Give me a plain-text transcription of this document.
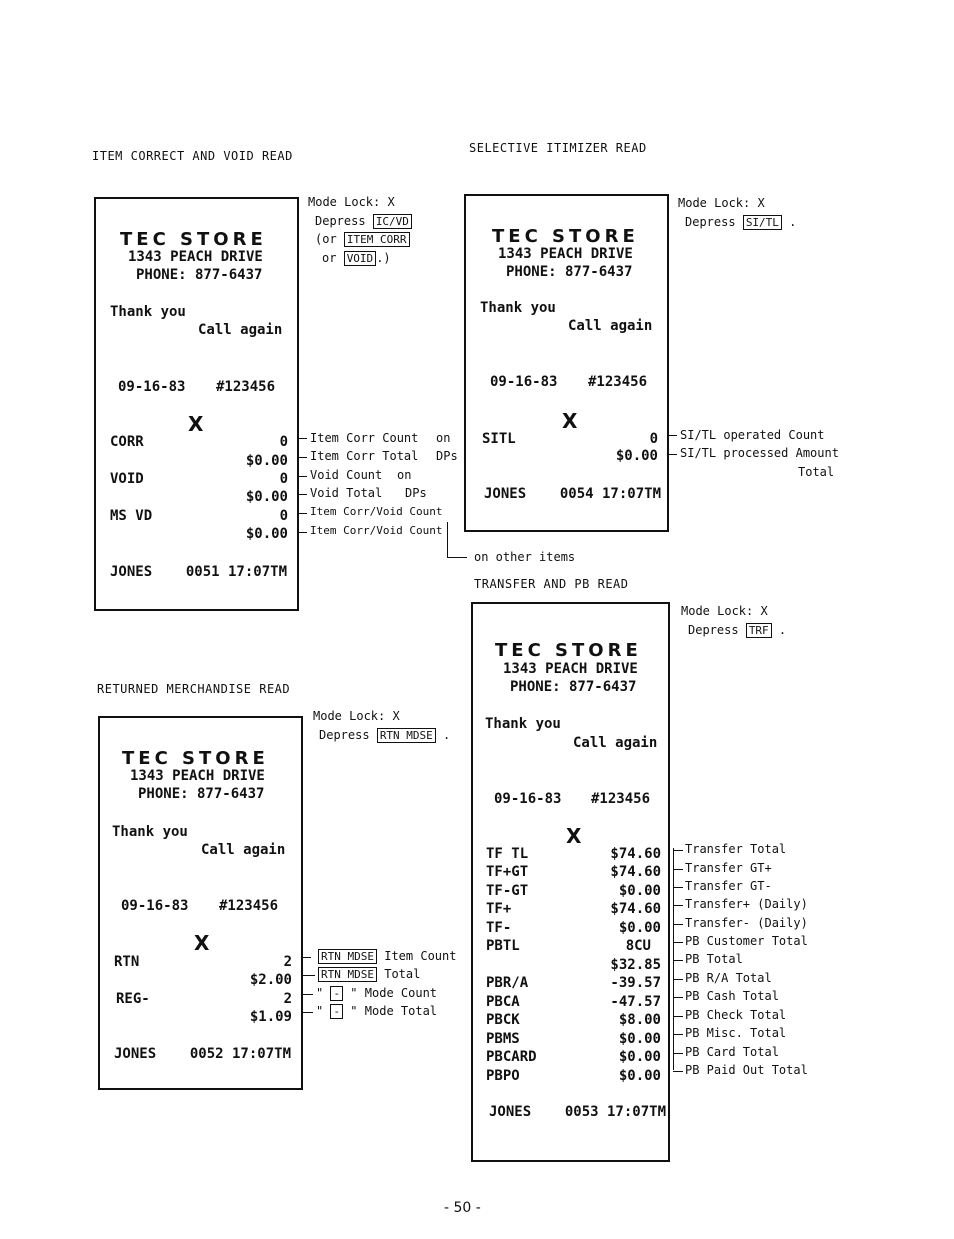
ITEM CORRECT AND VOID READ
SELECTIVE ITIMIZER READ
TRANSFER AND PB READ
RETURNED MERCHANDISE READ
TEC STORE
1343 PEACH DRIVE
PHONE: 877-6437
Thank you
Call again
09-16-83 #123456
X
CORR	0
$0.00
VOID	0
$0.00
MS VD	0
$0.00
JONES    0051 17:07TM
Mode Lock: X
Depress IC/VD
(or ITEM CORR
or VOID .)
Item Corr Count
Item Corr Total
on
DPs
Void Count on
Void Total DPs
Item Corr/Void Count
Item Corr/Void Count
on other items
TEC STORE
1343 PEACH DRIVE
PHONE: 877-6437
Thank you
Call again
09-16-83 #123456
X
SITL	0
$0.00
JONES    0054 17:07TM
Mode Lock: X
Depress SI/TL .
SI/TL operated Count
SI/TL processed Amount
Total
TEC STORE
1343 PEACH DRIVE
PHONE: 877-6437
Thank you
Call again
09-16-83 #123456
X
RTN	2
$2.00
REG-	2
$1.09
JONES    0052 17:07TM
Mode Lock: X
Depress RTN MDSE .
RTN MDSE Item Count
RTN MDSE Total
" - " Mode Count
" - " Mode Total
TEC STORE
1343 PEACH DRIVE
PHONE: 877-6437
Thank you
Call again
09-16-83 #123456
X
TF TL	$74.60
TF+GT	$74.60
TF-GT	$0.00
TF+	$74.60
TF-	$0.00
PBTL	8CU
$32.85
PBR/A	-39.57
PBCA	-47.57
PBCK	$8.00
PBMS	$0.00
PBCARD	$0.00
PBPO	$0.00
JONES    0053 17:07TM
Mode Lock: X
Depress TRF .
Transfer Total
Transfer GT+
Transfer GT-
Transfer+ (Daily)
Transfer- (Daily)
PB Customer Total
PB Total
PB R/A Total
PB Cash Total
PB Check Total
PB Misc. Total
PB Card Total
PB Paid Out Total
- 50 -
